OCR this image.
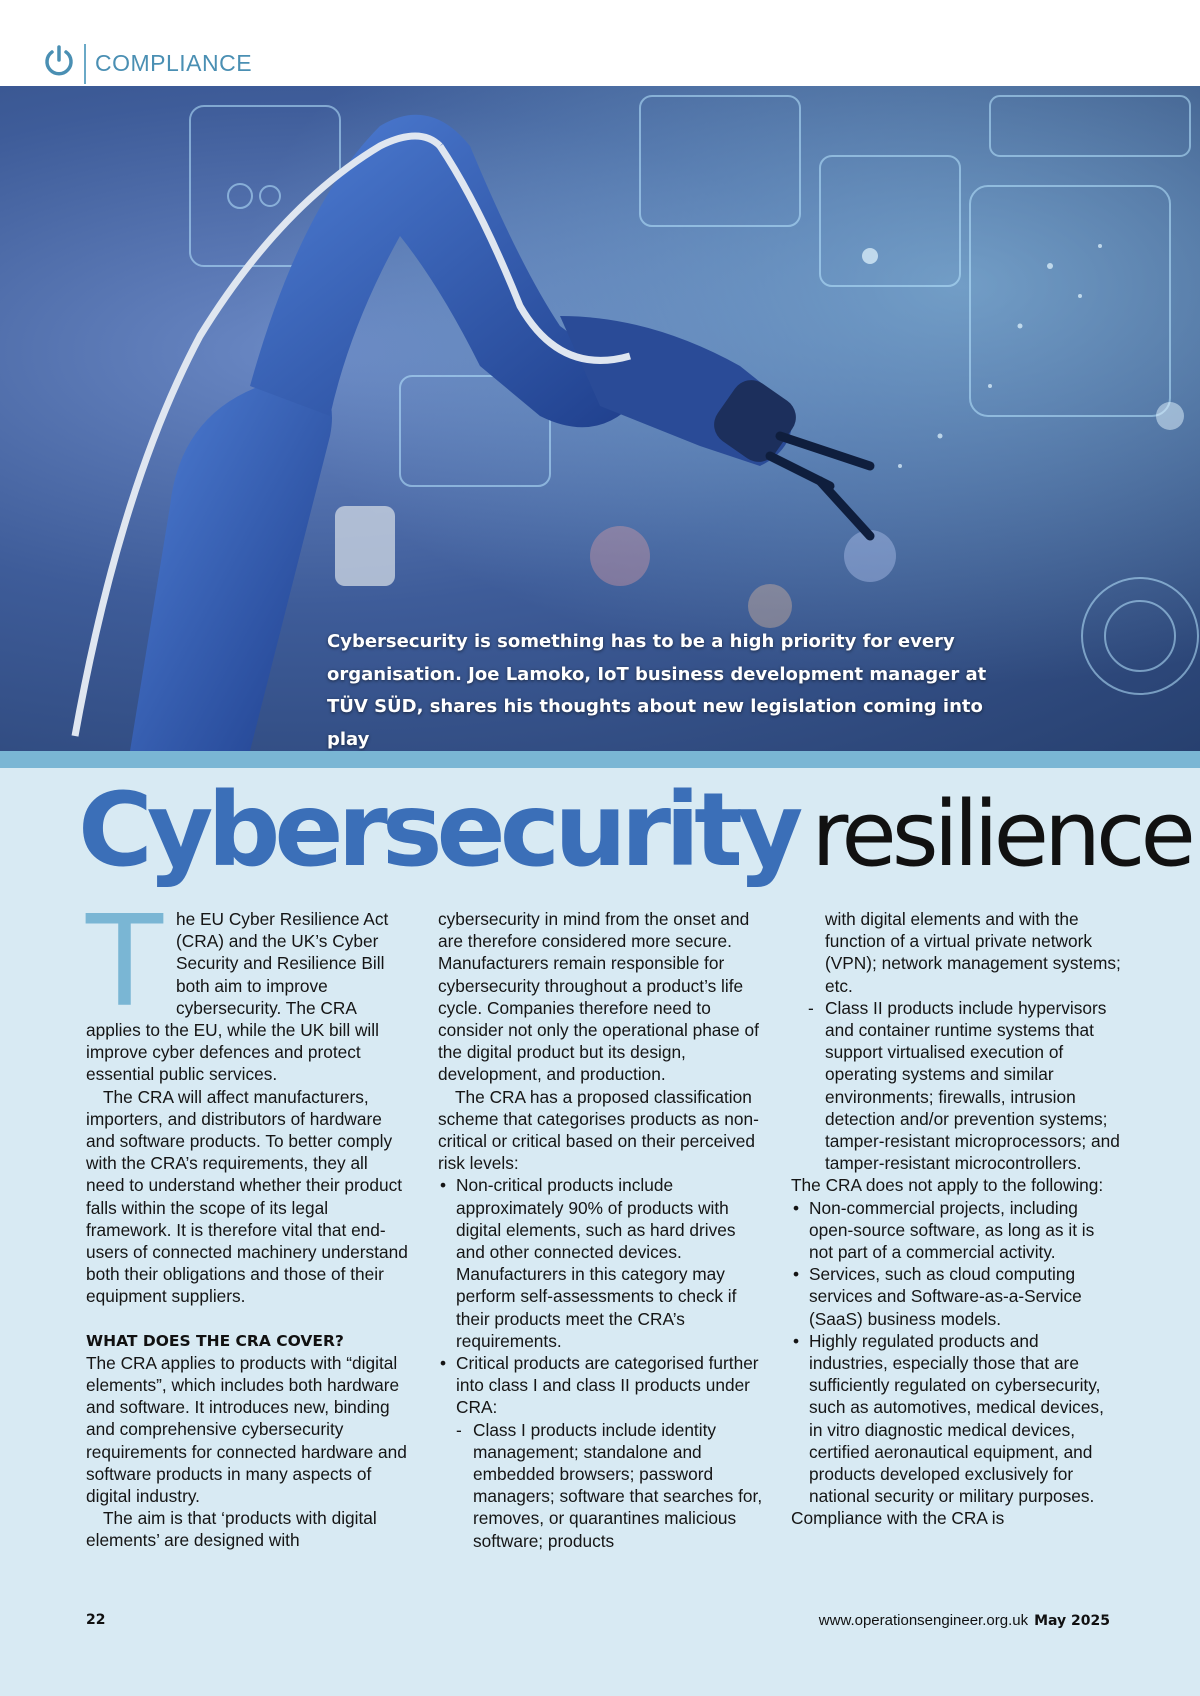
COMPLIANCE
Cybersecurity is something has to be a high priority for every organisation. Joe Lamoko, IoT business development manager at TÜV SÜD, shares his thoughts about new legislation coming into play
Cybersecurity resilience

T he EU Cyber Resilience Act (CRA) and the UK’s Cyber Security and Resilience Bill both aim to improve cybersecurity. The CRA applies to the EU, while the UK bill will improve cyber defences and protect essential public services.

The CRA will affect manufacturers, importers, and distributors of hardware and software products. To better comply with the CRA’s requirements, they all need to understand whether their product falls within the scope of its legal framework. It is therefore vital that end-users of connected machinery understand both their obligations and those of their equipment suppliers.

WHAT DOES THE CRA COVER?

The CRA applies to products with “digital elements”, which includes both hardware and software. It introduces new, binding and comprehensive cybersecurity requirements for connected hardware and software products in many aspects of digital industry.

The aim is that ‘products with digital elements’ are designed with

cybersecurity in mind from the onset and are therefore considered more secure. Manufacturers remain responsible for cybersecurity throughout a product’s life cycle. Companies therefore need to consider not only the operational phase of the digital product but its design, development, and production.

The CRA has a proposed classification scheme that categorises products as non-critical or critical based on their perceived risk levels:

• Non-critical products include approximately 90% of products with digital elements, such as hard drives and other connected devices. Manufacturers in this category may perform self-assessments to check if their products meet the CRA’s requirements.
• Critical products are categorised further into class I and class II products under CRA:
- Class I products include identity management; standalone and embedded browsers; password managers; software that searches for, removes, or quarantines malicious software; products

with digital elements and with the function of a virtual private network (VPN); network management systems; etc.

- Class II products include hypervisors and container runtime systems that support virtualised execution of operating systems and similar environments; firewalls, intrusion detection and/or prevention systems; tamper-resistant microprocessors; and tamper-resistant microcontrollers.

The CRA does not apply to the following:

• Non-commercial projects, including open-source software, as long as it is not part of a commercial activity.
• Services, such as cloud computing services and Software-as-a-Service (SaaS) business models.
• Highly regulated products and industries, especially those that are sufficiently regulated on cybersecurity, such as automotives, medical devices, in vitro diagnostic medical devices, certified aeronautical equipment, and products developed exclusively for national security or military purposes.

Compliance with the CRA is

22	www.operationsengineer.org.uk May 2025
